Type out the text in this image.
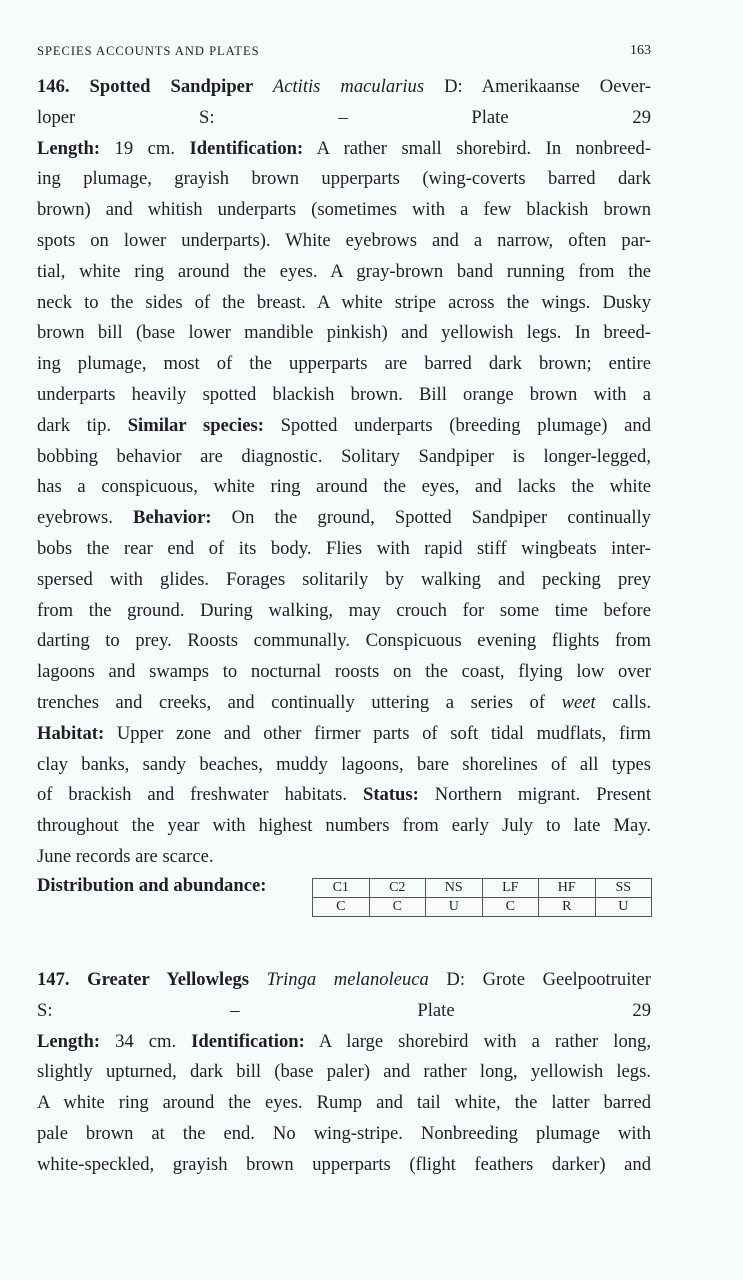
SPECIES ACCOUNTS AND PLATES	163
146. Spotted Sandpiper Actitis macularius D: Amerikaanse Oever-
loper S: – Plate 29
Length: 19 cm. Identification: A rather small shorebird. In nonbreed-
ing plumage, grayish brown upperparts (wing-coverts barred dark
brown) and whitish underparts (sometimes with a few blackish brown
spots on lower underparts). White eyebrows and a narrow, often par-
tial, white ring around the eyes. A gray-brown band running from the
neck to the sides of the breast. A white stripe across the wings. Dusky
brown bill (base lower mandible pinkish) and yellowish legs. In breed-
ing plumage, most of the upperparts are barred dark brown; entire
underparts heavily spotted blackish brown. Bill orange brown with a
dark tip. Similar species: Spotted underparts (breeding plumage) and
bobbing behavior are diagnostic. Solitary Sandpiper is longer-legged,
has a conspicuous, white ring around the eyes, and lacks the white
eyebrows. Behavior: On the ground, Spotted Sandpiper continually
bobs the rear end of its body. Flies with rapid stiff wingbeats inter-
spersed with glides. Forages solitarily by walking and pecking prey
from the ground. During walking, may crouch for some time before
darting to prey. Roosts communally. Conspicuous evening flights from
lagoons and swamps to nocturnal roosts on the coast, flying low over
trenches and creeks, and continually uttering a series of weet calls.
Habitat: Upper zone and other firmer parts of soft tidal mudflats, firm
clay banks, sandy beaches, muddy lagoons, bare shorelines of all types
of brackish and freshwater habitats. Status: Northern migrant. Present
throughout the year with highest numbers from early July to late May.
June records are scarce.
Distribution and abundance:	C1	C2	NS	LF	HF	SS
C	C	U	C	R	U
147. Greater Yellowlegs Tringa melanoleuca D: Grote Geelpootruiter
S: – Plate 29
Length: 34 cm. Identification: A large shorebird with a rather long,
slightly upturned, dark bill (base paler) and rather long, yellowish legs.
A white ring around the eyes. Rump and tail white, the latter barred
pale brown at the end. No wing-stripe. Nonbreeding plumage with
white-speckled, grayish brown upperparts (flight feathers darker) and
